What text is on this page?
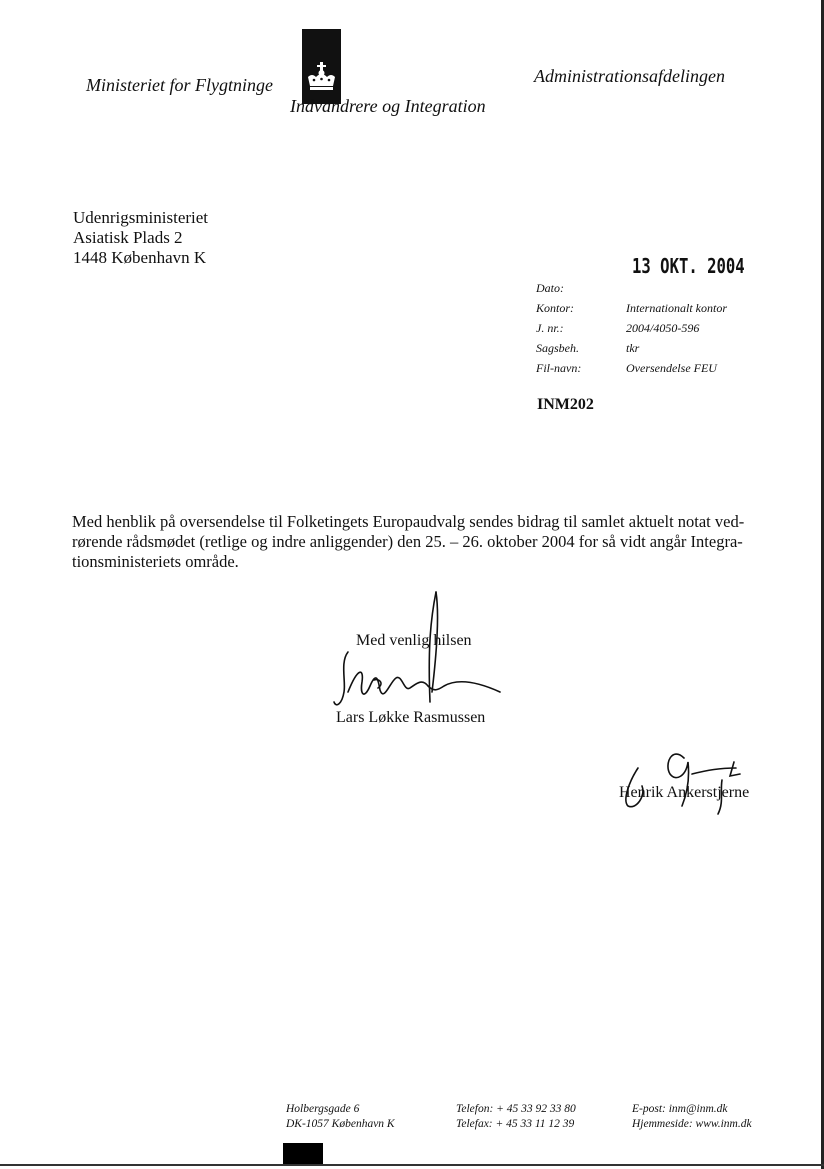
Ministeriet for Flygtninge
Indvandrere og Integration
Administrationsafdelingen
Udenrigsministeriet
Asiatisk Plads 2
1448 København K	13 OKT. 2004
Dato:
Kontor:	Internationalt kontor
J. nr.:	2004/4050-596
Sagsbeh.	tkr
Fil-navn:	Oversendelse FEU
INM202
Med henblik på oversendelse til Folketingets Europaudvalg sendes bidrag til samlet aktuelt notat ved-
rørende rådsmødet (retlige og indre anliggender) den 25. – 26. oktober 2004 for så vidt angår Integra-
tionsministeriets område.
Med venlig hilsen
Lars Løkke Rasmussen
Henrik Ankerstjerne
Holbergsgade 6
DK-1057 København K
Telefon: + 45 33 92 33 80
Telefax: + 45 33 11 12 39
E-post: inm@inm.dk
Hjemmeside: www.inm.dk
